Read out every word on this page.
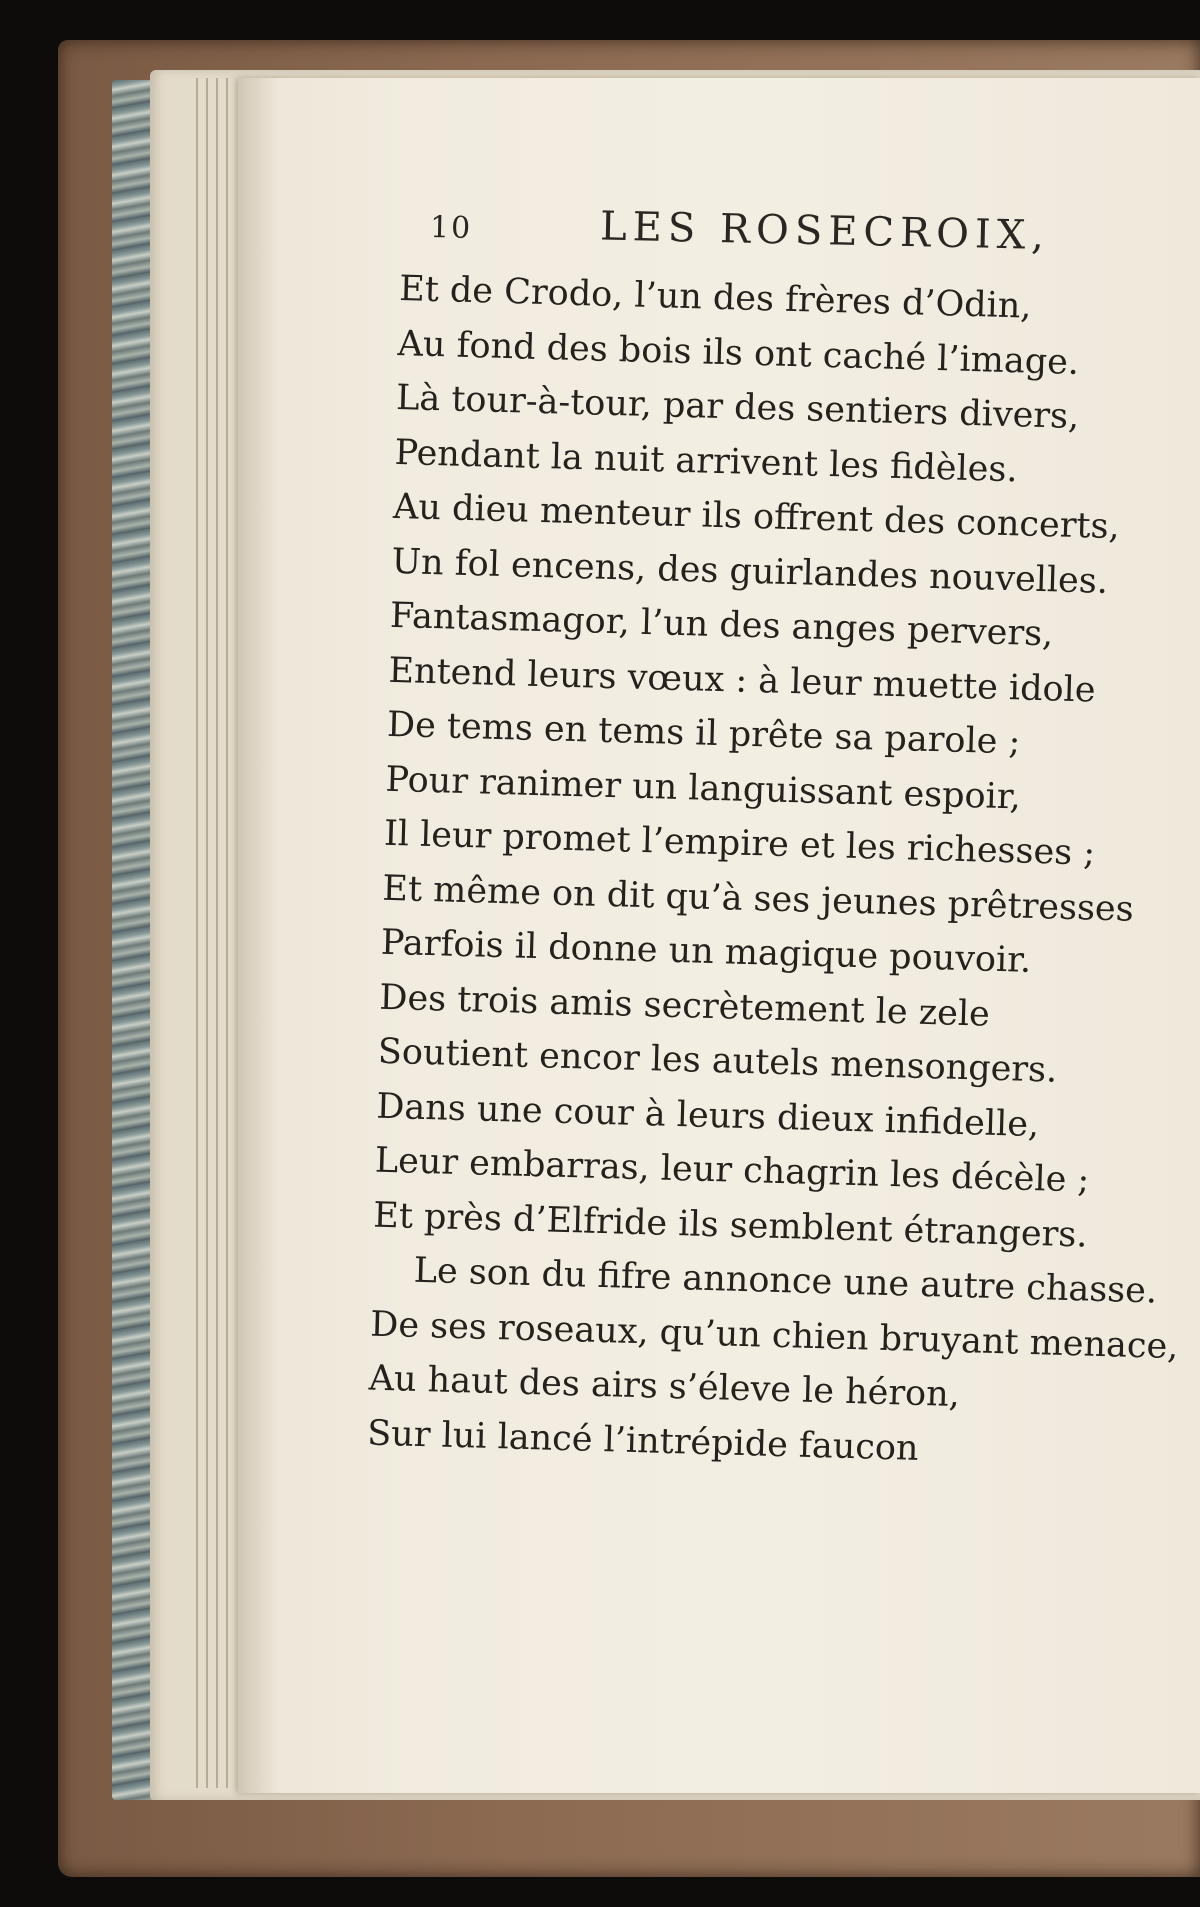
10	LES ROSECROIX,
Et de Crodo, l’un des frères d’Odin,
Au fond des bois ils ont caché l’image.
Là tour-à-tour, par des sentiers divers,
Pendant la nuit arrivent les fidèles.
Au dieu menteur ils offrent des concerts,
Un fol encens, des guirlandes nouvelles.
Fantasmagor, l’un des anges pervers,
Entend leurs vœux : à leur muette idole
De tems en tems il prête sa parole ;
Pour ranimer un languissant espoir,
Il leur promet l’empire et les richesses ;
Et même on dit qu’à ses jeunes prêtresses
Parfois il donne un magique pouvoir.
Des trois amis secrètement le zele
Soutient encor les autels mensongers.
Dans une cour à leurs dieux infidelle,
Leur embarras, leur chagrin les décèle ;
Et près d’Elfride ils semblent étrangers.
Le son du fifre annonce une autre chasse.
De ses roseaux, qu’un chien bruyant menace,
Au haut des airs s’éleve le héron,
Sur lui lancé l’intrépide faucon
